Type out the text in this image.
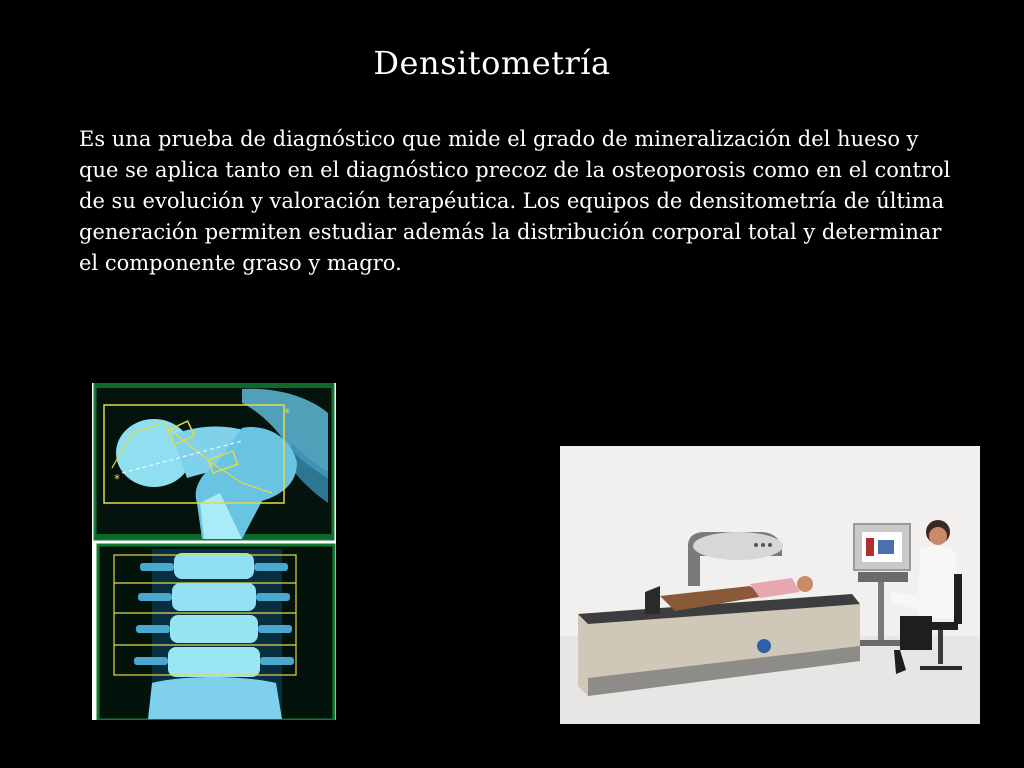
Densitometría
Es una prueba de diagnóstico que mide el grado de mineralización del hueso y que se aplica tanto en el diagnóstico precoz de la osteoporosis como en el control de su evolución y valoración terapéutica. Los equipos de densitometría de última generación permiten estudiar además la distribución corporal total y determinar el componente graso y magro.
*
*
